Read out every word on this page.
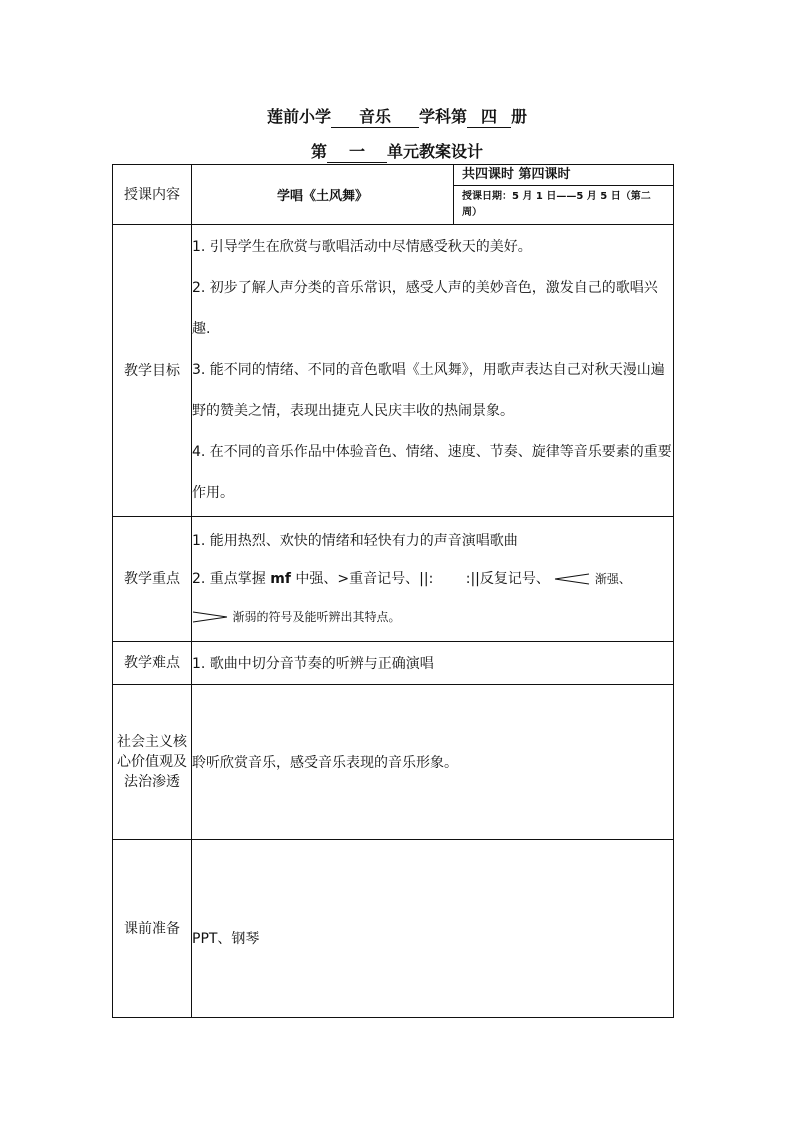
莲前小学 音乐 学科第 四 册
第 一 单元教案设计
授课内容	学唱《土风舞》	共四课时 第四课时
授课日期：5 月 1 日——5 月 5 日（第二周）

教学目标	1. 引导学生在欣赏与歌唱活动中尽情感受秋天的美好。

2. 初步了解人声分类的音乐常识，感受人声的美妙音色，激发自己的歌唱兴趣.

3. 能不同的情绪、不同的音色歌唱《土风舞》，用歌声表达自己对秋天漫山遍野的赞美之情，表现出捷克人民庆丰收的热闹景象。

4. 在不同的音乐作品中体验音色、情绪、速度、节奏、旋律等音乐要素的重要作用。	

教学重点	1. 能用热烈、欢快的情绪和轻快有力的声音演唱歌曲

2. 重点掌握 mf 中强、>重音记号、||:    :||反复记号、 渐强、

渐弱的符号及能听辨出其特点。	

教学难点	1. 歌曲中切分音节奏的听辨与正确演唱	
社会主义核心价值观及法治渗透	聆听欣赏音乐，感受音乐表现的音乐形象。	
课前准备	PPT、钢琴	
